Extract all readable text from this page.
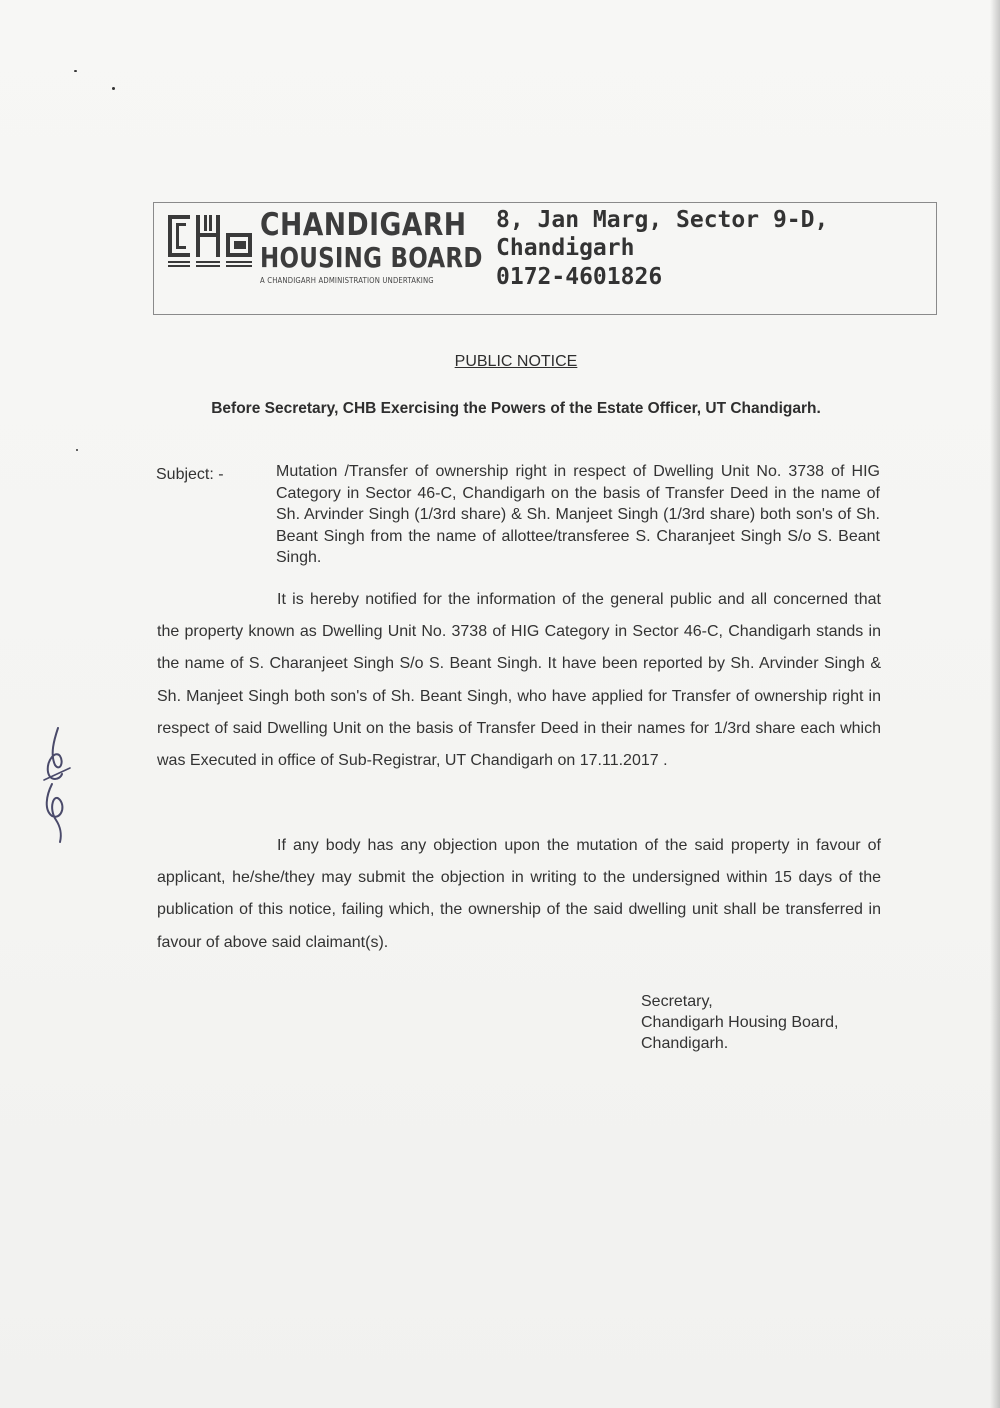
CHANDIGARH
HOUSING BOARD
A CHANDIGARH ADMINISTRATION UNDERTAKING
8, Jan Marg, Sector 9-D,
Chandigarh
0172-4601826
PUBLIC NOTICE
Before Secretary, CHB Exercising the Powers of the Estate Officer, UT Chandigarh.
Subject: -	Mutation /Transfer of ownership right in respect of Dwelling Unit No. 3738 of HIG Category in Sector 46-C, Chandigarh on the basis of Transfer Deed in the name of Sh. Arvinder Singh (1/3rd share) & Sh. Manjeet Singh (1/3rd share) both son's of Sh. Beant Singh from the name of allottee/transferee S. Charanjeet Singh S/o S. Beant Singh.
It is hereby notified for the information of the general public and all concerned that the property known as Dwelling Unit No. 3738 of HIG Category in Sector 46-C, Chandigarh stands in the name of S. Charanjeet Singh S/o S. Beant Singh. It have been reported by Sh. Arvinder Singh & Sh. Manjeet Singh both son's of Sh. Beant Singh, who have applied for Transfer of ownership right in respect of said Dwelling Unit on the basis of Transfer Deed in their names for 1/3rd share each which was Executed in office of Sub-Registrar, UT Chandigarh on 17.11.2017 .
If any body has any objection upon the mutation of the said property in favour of applicant, he/she/they may submit the objection in writing to the undersigned within 15 days of the publication of this notice, failing which, the ownership of the said dwelling unit shall be transferred in favour of above said claimant(s).
Secretary,
Chandigarh Housing Board,
Chandigarh.
